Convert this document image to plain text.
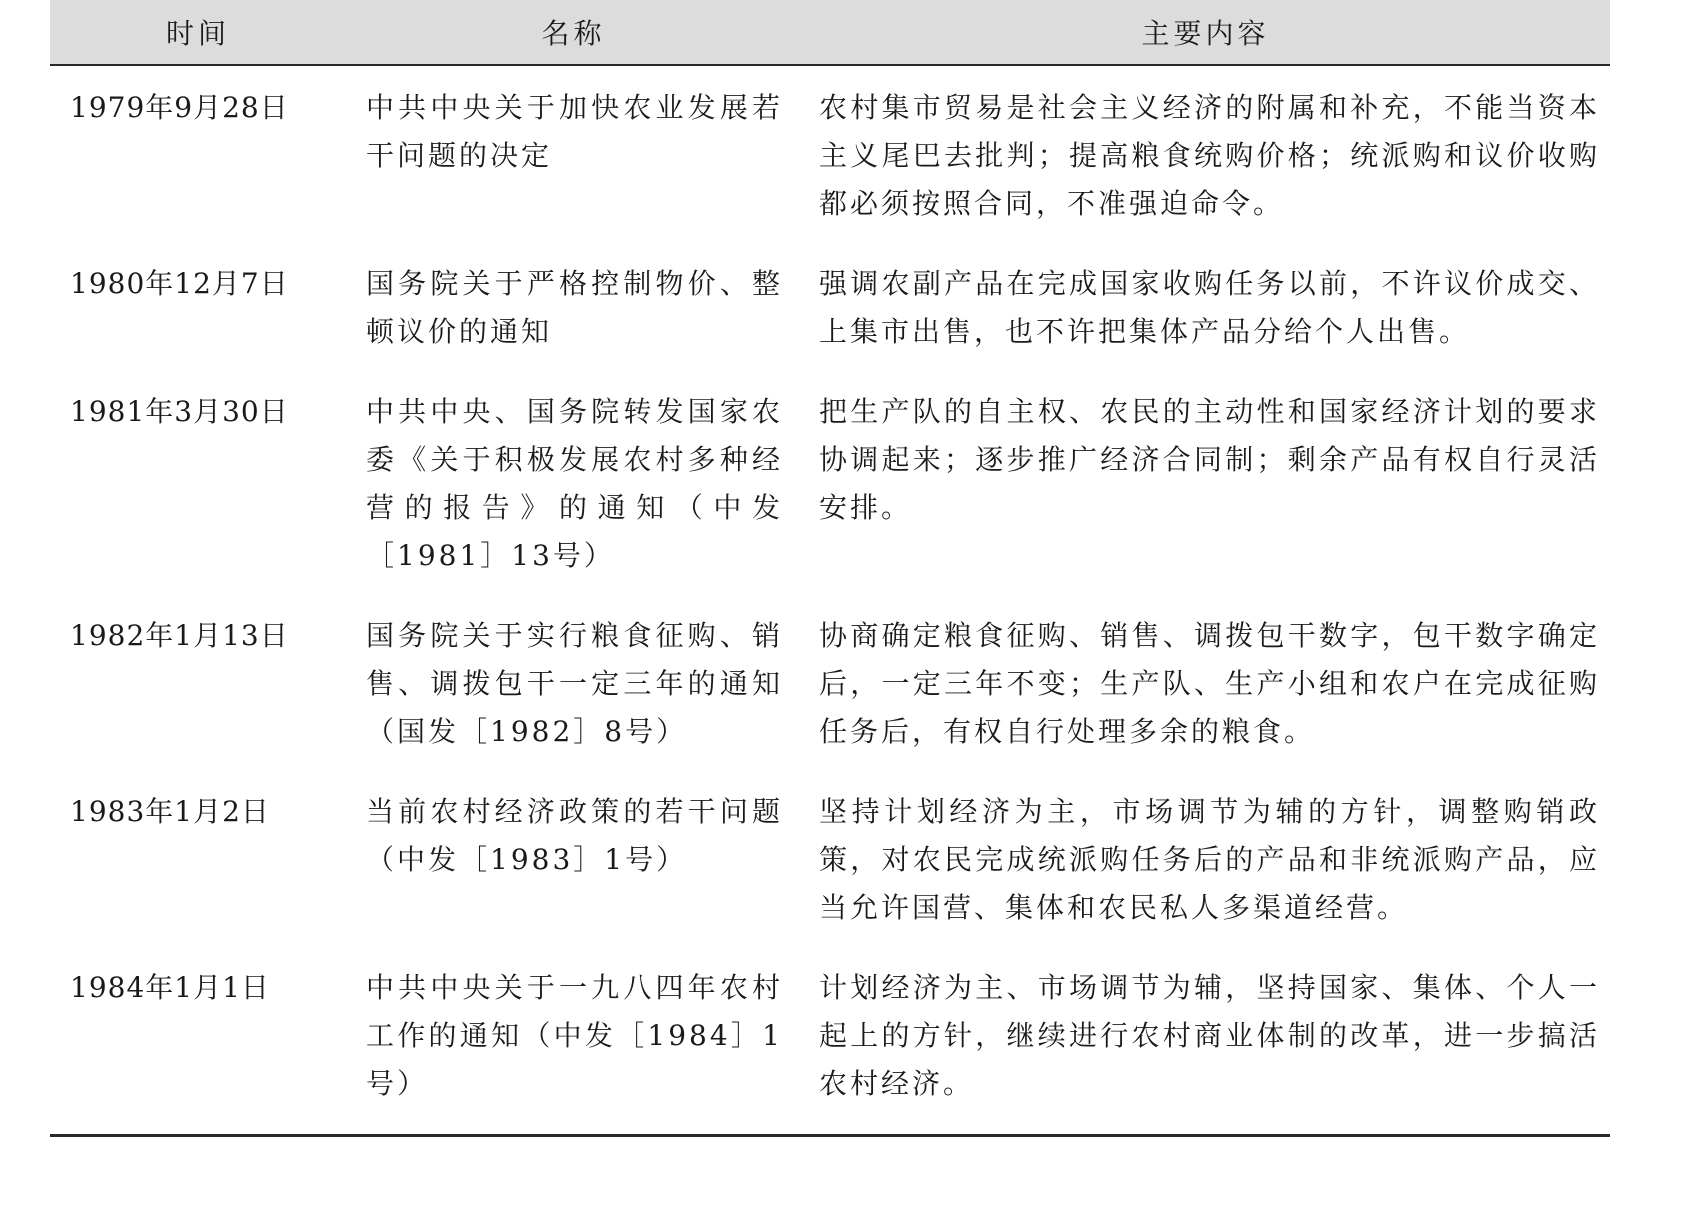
时间	名称	主要内容
1979年9月28日	中共中央关于加快农业发展若干问题的决定	农村集市贸易是社会主义经济的附属和补充，不能当资本主义尾巴去批判；提高粮食统购价格；统派购和议价收购都必须按照合同，不准强迫命令。
1980年12月7日	国务院关于严格控制物价、整顿议价的通知	强调农副产品在完成国家收购任务以前，不许议价成交、上集市出售，也不许把集体产品分给个人出售。
1981年3月30日	中共中央、国务院转发国家农委《关于积极发展农村多种经营的报告》的通知（中发［1981］13号）	把生产队的自主权、农民的主动性和国家经济计划的要求协调起来；逐步推广经济合同制；剩余产品有权自行灵活安排。
1982年1月13日	国务院关于实行粮食征购、销售、调拨包干一定三年的通知（国发［1982］8号）	协商确定粮食征购、销售、调拨包干数字，包干数字确定后，一定三年不变；生产队、生产小组和农户在完成征购任务后，有权自行处理多余的粮食。
1983年1月2日	当前农村经济政策的若干问题（中发［1983］1号）	坚持计划经济为主，市场调节为辅的方针，调整购销政策，对农民完成统派购任务后的产品和非统派购产品，应当允许国营、集体和农民私人多渠道经营。
1984年1月1日	中共中央关于一九八四年农村工作的通知（中发［1984］1号）	计划经济为主、市场调节为辅，坚持国家、集体、个人一起上的方针，继续进行农村商业体制的改革，进一步搞活农村经济。
